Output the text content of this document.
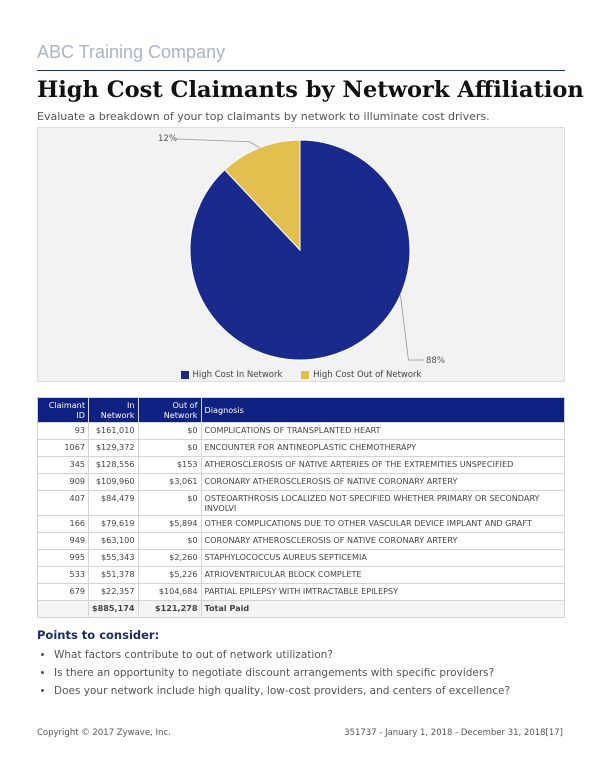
ABC Training Company
High Cost Claimants by Network Affiliation
Evaluate a breakdown of your top claimants by network to illuminate cost drivers.
88%
12%
High Cost In Network
	High Cost Out of Network
Claimant ID	In Network	Out of Network	Diagnosis
93	$161,010	$0	COMPLICATIONS OF TRANSPLANTED HEART
1067	$129,372	$0	ENCOUNTER FOR ANTINEOPLASTIC CHEMOTHERAPY
345	$128,556	$153	ATHEROSCLEROSIS OF NATIVE ARTERIES OF THE EXTREMITIES UNSPECIFIED
909	$109,960	$3,061	CORONARY ATHEROSCLEROSIS OF NATIVE CORONARY ARTERY
407	$84,479	$0	OSTEOARTHROSIS LOCALIZED NOT SPECIFIED WHETHER PRIMARY OR SECONDARY INVOLVI
166	$79,619	$5,894	OTHER COMPLICATIONS DUE TO OTHER VASCULAR DEVICE IMPLANT AND GRAFT
949	$63,100	$0	CORONARY ATHEROSCLEROSIS OF NATIVE CORONARY ARTERY
995	$55,343	$2,260	STAPHYLOCOCCUS AUREUS SEPTICEMIA
533	$51,378	$5,226	ATRIOVENTRICULAR BLOCK COMPLETE
679	$22,357	$104,684	PARTIAL EPILEPSY WITH IMTRACTABLE EPILEPSY
	$885,174	$121,278	Total Paid
Points to consider:
• What factors contribute to out of network utilization?
• Is there an opportunity to negotiate discount arrangements with specific providers?
• Does your network include high quality, low-cost providers, and centers of excellence?
Copyright © 2017 Zywave, Inc.	351737 - January 1, 2018 - December 31, 2018[17]
